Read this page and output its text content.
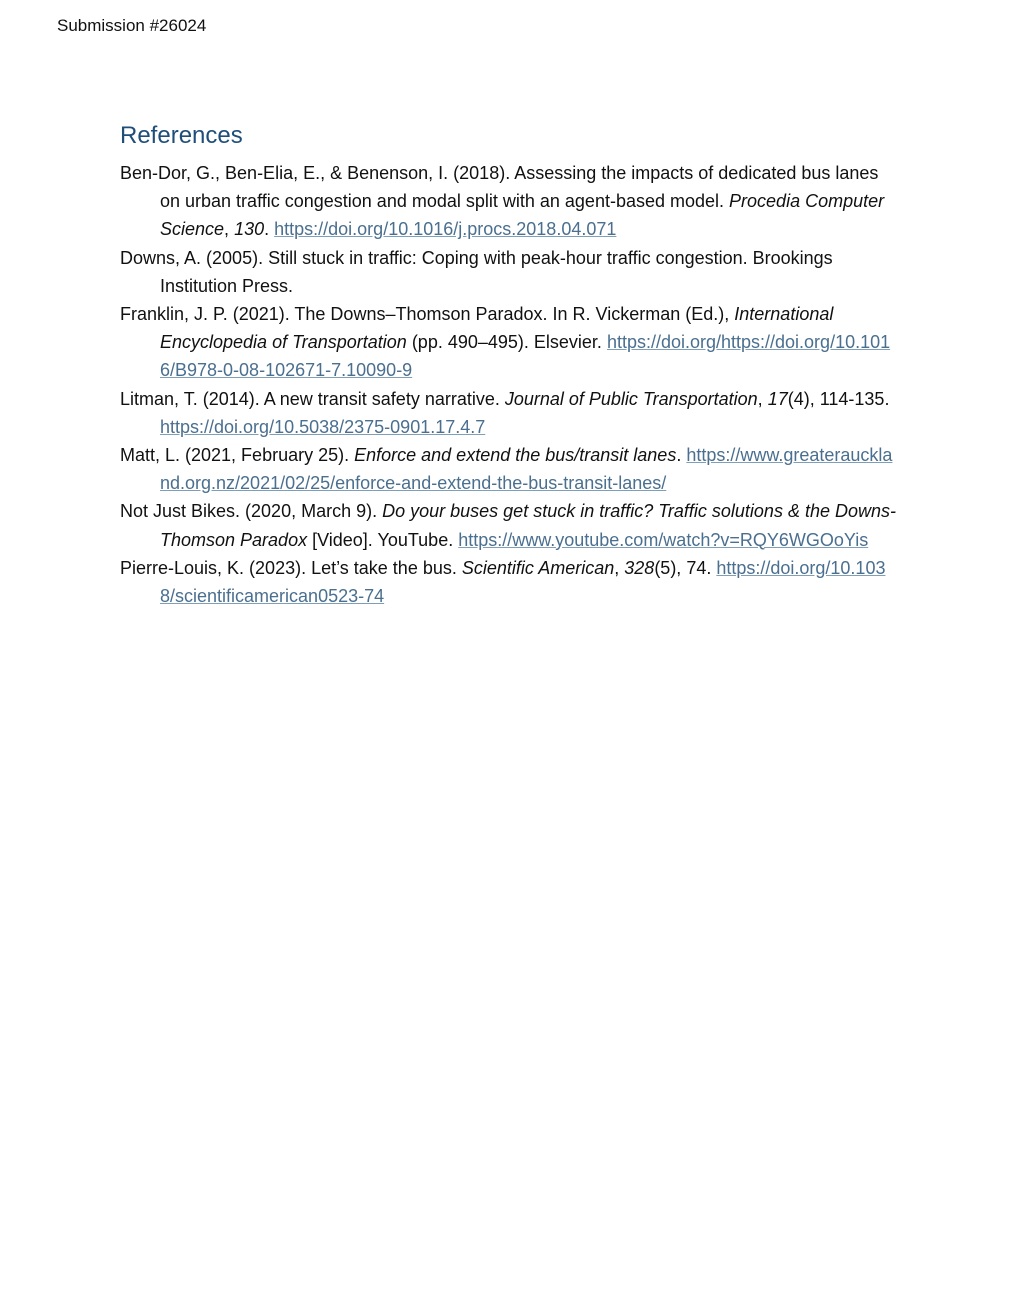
Submission #26024
References

Ben-Dor, G., Ben-Elia, E., & Benenson, I. (2018). Assessing the impacts of dedicated bus lanes on urban traffic congestion and modal split with an agent-based model. Procedia Computer Science, 130. https://doi.org/10.1016/j.procs.2018.04.071

Downs, A. (2005). Still stuck in traffic: Coping with peak-hour traffic congestion. Brookings Institution Press.

Franklin, J. P. (2021). The Downs–Thomson Paradox. In R. Vickerman (Ed.), International Encyclopedia of Transportation (pp. 490–495). Elsevier. https://doi.org/https://doi.org/10.1016/B978-0-08-102671-7.10090-9

Litman, T. (2014). A new transit safety narrative. Journal of Public Transportation, 17(4), 114-135. https://doi.org/10.5038/2375-0901.17.4.7

Matt, L. (2021, February 25). Enforce and extend the bus/transit lanes. https://www.greaterauckland.org.nz/2021/02/25/enforce-and-extend-the-bus-transit-lanes/

Not Just Bikes. (2020, March 9). Do your buses get stuck in traffic? Traffic solutions & the Downs-Thomson Paradox [Video]. YouTube. https://www.youtube.com/watch?v=RQY6WGOoYis

Pierre-Louis, K. (2023). Let’s take the bus. Scientific American, 328(5), 74. https://doi.org/10.1038/scientificamerican0523-74
